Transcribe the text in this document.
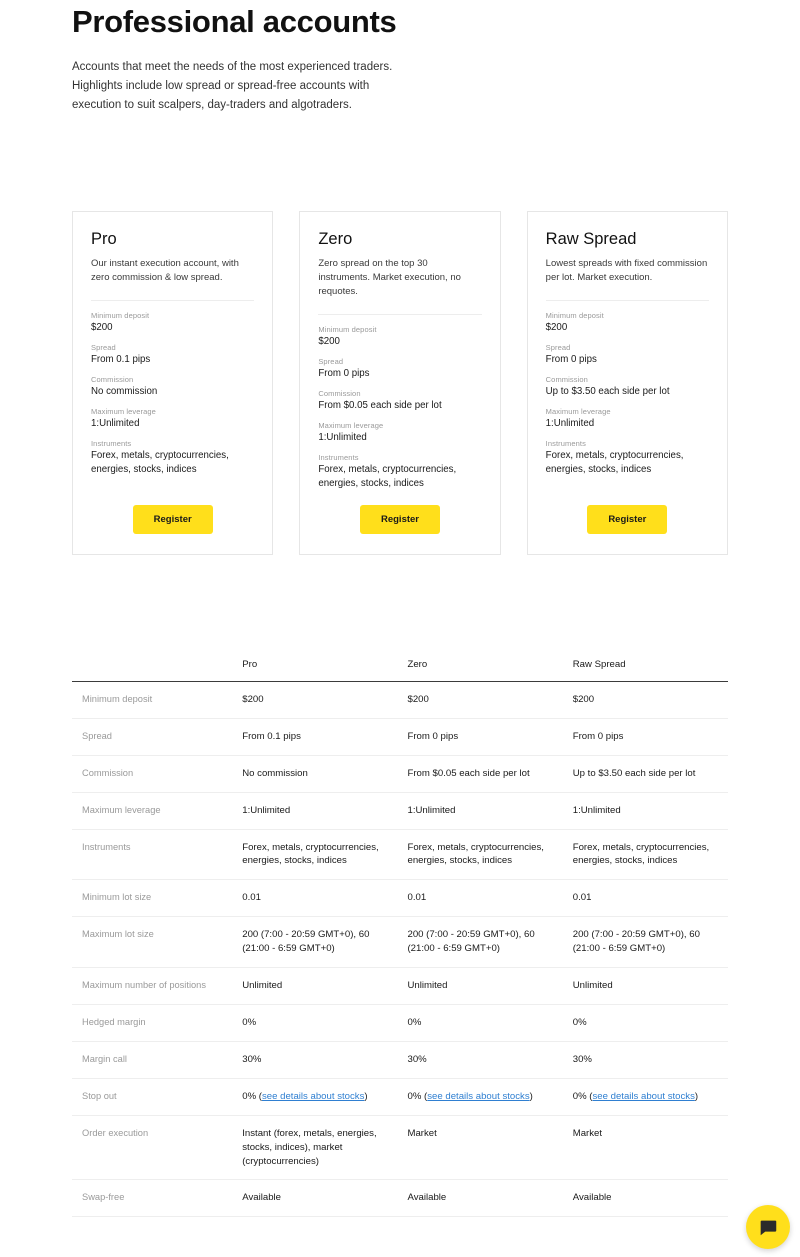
Professional accounts

Accounts that meet the needs of the most experienced traders. Highlights include low spread or spread-free accounts with execution to suit scalpers, day-traders and algotraders.

Pro

Our instant execution account, with zero commission & low spread.

Minimum deposit
$200
Spread
From 0.1 pips
Commission
No commission
Maximum leverage
1:Unlimited
Instruments
Forex, metals, cryptocurrencies, energies, stocks, indices
Register
Zero

Zero spread on the top 30 instruments. Market execution, no requotes.

Minimum deposit
$200
Spread
From 0 pips
Commission
From $0.05 each side per lot
Maximum leverage
1:Unlimited
Instruments
Forex, metals, cryptocurrencies, energies, stocks, indices
Register
Raw Spread

Lowest spreads with fixed commission per lot. Market execution.

Minimum deposit
$200
Spread
From 0 pips
Commission
Up to $3.50 each side per lot
Maximum leverage
1:Unlimited
Instruments
Forex, metals, cryptocurrencies, energies, stocks, indices
Register
	Pro	Zero	Raw Spread
Minimum deposit	$200	$200	$200
Spread	From 0.1 pips	From 0 pips	From 0 pips
Commission	No commission	From $0.05 each side per lot	Up to $3.50 each side per lot
Maximum leverage	1:Unlimited	1:Unlimited	1:Unlimited
Instruments	Forex, metals, cryptocurrencies, energies, stocks, indices	Forex, metals, cryptocurrencies, energies, stocks, indices	Forex, metals, cryptocurrencies, energies, stocks, indices
Minimum lot size	0.01	0.01	0.01
Maximum lot size	200 (7:00 - 20:59 GMT+0), 60 (21:00 - 6:59 GMT+0)	200 (7:00 - 20:59 GMT+0), 60 (21:00 - 6:59 GMT+0)	200 (7:00 - 20:59 GMT+0), 60 (21:00 - 6:59 GMT+0)
Maximum number of positions	Unlimited	Unlimited	Unlimited
Hedged margin	0%	0%	0%
Margin call	30%	30%	30%
Stop out	0% (see details about stocks)	0% (see details about stocks)	0% (see details about stocks)
Order execution	Instant (forex, metals, energies, stocks, indices), market (cryptocurrencies)	Market	Market
Swap-free	Available	Available	Available
